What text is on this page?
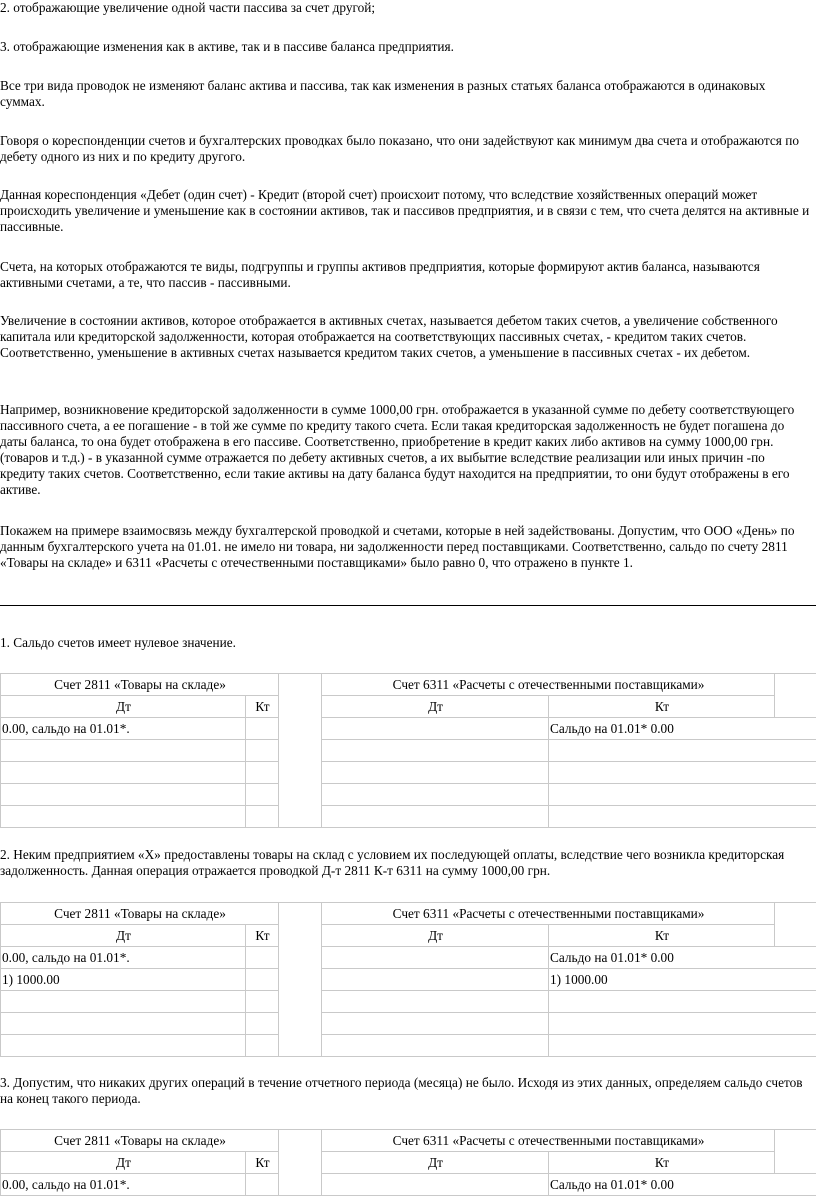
2. отображающие увеличение одной части пассива за счет другой;

3. отображающие изменения как в активе, так и в пассиве баланса предприятия.

Все три вида проводок не изменяют баланс актива и пассива, так как изменения в разных статьях баланса отображаются в одинаковых суммах.

Говоря о кореспонденции счетов и бухгалтерских проводках было показано, что они задействуют как минимум два счета и отображаются по дебету одного из них и по кредиту другого.

Данная кореспонденция «Дебет (один счет) - Кредит (второй счет) происхоит потому, что вследствие хозяйственных операций может происходить увеличение и уменьшение как в состоянии активов, так и пассивов предприятия, и в связи с тем, что счета делятся на активные и пассивные.

Счета, на которых отображаются те виды, подгруппы и группы активов предприятия, которые формируют актив баланса, называются активными счетами, а те, что пассив - пассивными.

Увеличение в состоянии активов, которое отображается в активных счетах, называется дебетом таких счетов, а увеличение собственного капитала или кредиторской задолженности, которая отображается на соответствующих пассивных счетах, - кредитом таких счетов. Соответственно, уменьшение в активных счетах называется кредитом таких счетов, а уменьшение в пассивных счетах - их дебетом.

Например, возникновение кредиторской задолженности в сумме 1000,00 грн. отображается в указанной сумме по дебету соответствующего пассивного счета, а ее погашение - в той же сумме по кредиту такого счета. Если такая кредиторская задолженность не будет погашена до даты баланса, то она будет отображена в его пассиве. Соответственно, приобретение в кредит каких либо активов на сумму 1000,00 грн. (товаров и т.д.) - в указанной сумме отражается по дебету активных счетов, а их выбытие вследствие реализации или иных причин -по кредиту таких счетов. Соответственно, если такие активы на дату баланса будут находится на предприятии, то они будут отображены в его активе.

Покажем на примере взаимосвязь между бухгалтерской проводкой и счетами, которые в ней задействованы. Допустим, что ООО «День» по данным бухгалтерского учета на 01.01. не имело ни товара, ни задолженности перед поставщиками. Соответственно, сальдо по счету 2811 «Товары на складе» и 6311 «Расчеты с отечественными поставщиками» было равно 0, что отражено в пункте 1.

1. Сальдо счетов имеет нулевое значение.

Счет 2811 «Товары на складе»			Счет 6311 «Расчеты с отечественными поставщиками»		
Дт	Кт		Дт	Кт	
0.00, сальдо на 01.01*.				Сальдо на 01.01* 0.00	

2. Неким предприятием «Х» предоставлены товары на склад с условием их последующей оплаты, вследствие чего возникла кредиторская задолженность. Данная операция отражается проводкой Д-т 2811 К-т 6311 на сумму 1000,00 грн.

Счет 2811 «Товары на складе»			Счет 6311 «Расчеты с отечественными поставщиками»		
Дт	Кт		Дт	Кт	
0.00, сальдо на 01.01*.				Сальдо на 01.01* 0.00	
1) 1000.00				1) 1000.00	

3. Допустим, что никаких других операций в течение отчетного периода (месяца) не было. Исходя из этих данных, определяем сальдо счетов на конец такого периода.

Счет 2811 «Товары на складе»			Счет 6311 «Расчеты с отечественными поставщиками»		
Дт	Кт		Дт	Кт	
0.00, сальдо на 01.01*.				Сальдо на 01.01* 0.00	
